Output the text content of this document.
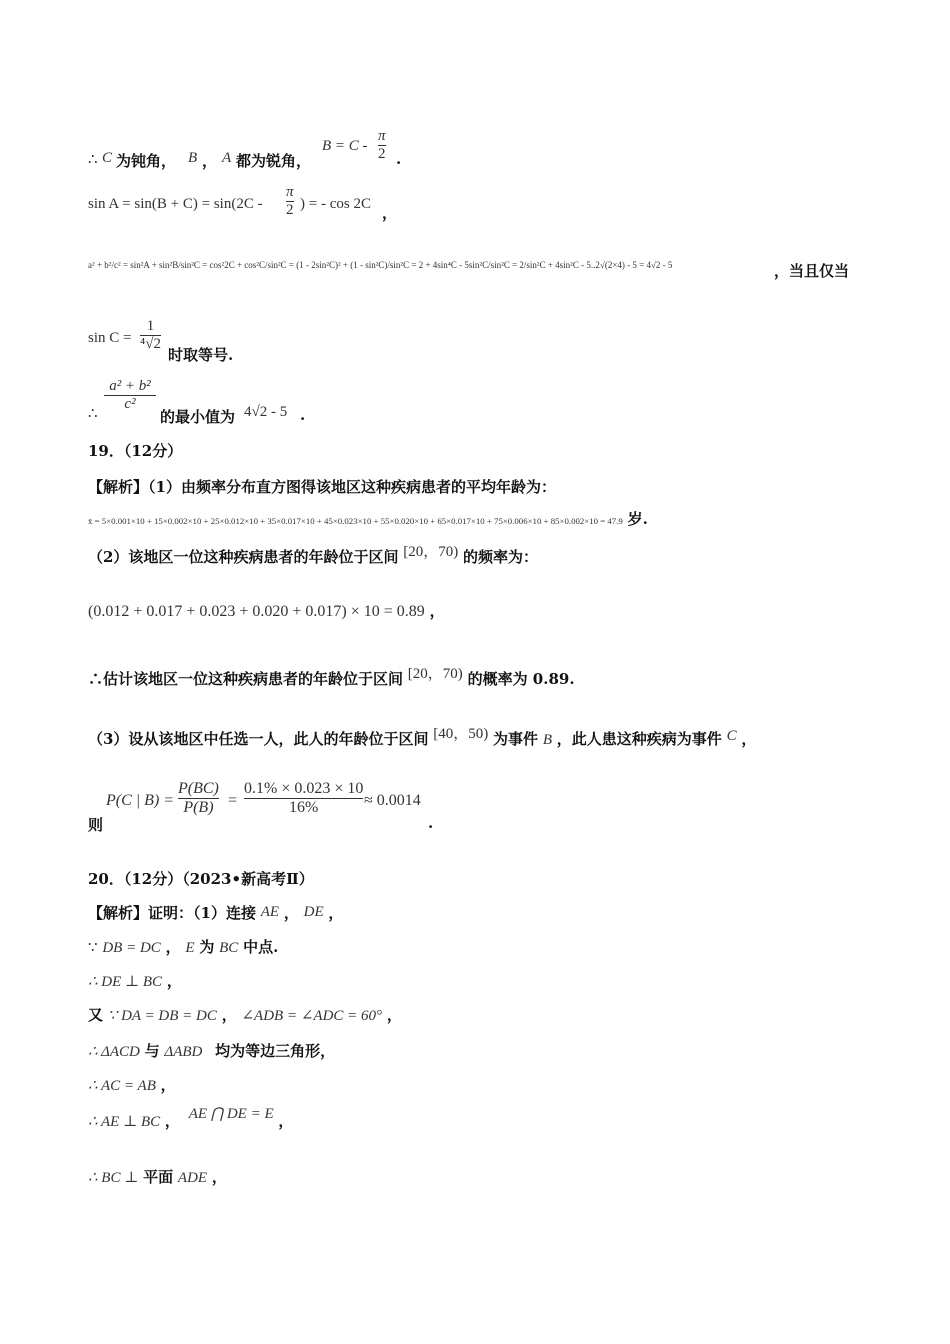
∴ C 为钝角， B ， A 都为锐角，
$B = C - \frac{\pi}{2}$ .
$\sin A = \sin(B + C) = \sin(2C - \frac{\pi}{2}$ ) = - cos 2C ，
a² + b²/c² = sin²A + sin²B/sin²C = cos²2C + cos²C/sin²C = (1 - 2sin²C)² + (1 - sin²C)/sin²C = 2 + 4sin⁴C - 5sin²C/sin²C = 2/sin²C + 4sin²C - 5..2√(2×4) - 5 = 4√2 - 5	，当且仅当
$\sin C = \frac{1}{\text{⁴√2}}$
时取等号.
∴
$\frac{\text{a² + b²}}{\text{c²}}$
的最小值为 4√2 - 5 .
19．（12分）
【解析】（1）由频率分布直方图得该地区这种疾病患者的平均年龄为：
x̄ = 5×0.001×10 + 15×0.002×10 + 25×0.012×10 + 35×0.017×10 + 45×0.023×10 + 55×0.020×10 + 65×0.017×10 + 75×0.006×10 + 85×0.002×10 = 47.9 岁.
（2）该地区一位这种疾病患者的年龄位于区间 [20，70) 的频率为：
(0.012 + 0.017 + 0.023 + 0.020 + 0.017) × 10 = 0.89 ，
∴估计该地区一位这种疾病患者的年龄位于区间 [20，70) 的概率为 0.89.
（3）设从该地区中任选一人，此人的年龄位于区间 [40，50) 为事件 B ，此人患这种疾病为事件 C ，
则
P(C | $B) = \frac{P(BC)}{P(B)} = \frac{0.1\% \times 0.023 \times 10}{16\%} \approx 0.0014$
.
20．（12分）（2023•新高考Ⅱ）
【解析】证明：（1）连接 AE ， DE ，
∵ DB = DC ， E 为 BC 中点.
∴ DE ⊥ BC ，
又 ∵ DA = DB = DC ， ∠ADB = ∠ADC = 60° ，
∴ ΔACD 与 ΔABD 均为等边三角形，
∴ AC = AB ，
∴ AE ⊥ BC ， AE ⋂ DE = E ，
∴ BC ⊥ 平面 ADE ，
